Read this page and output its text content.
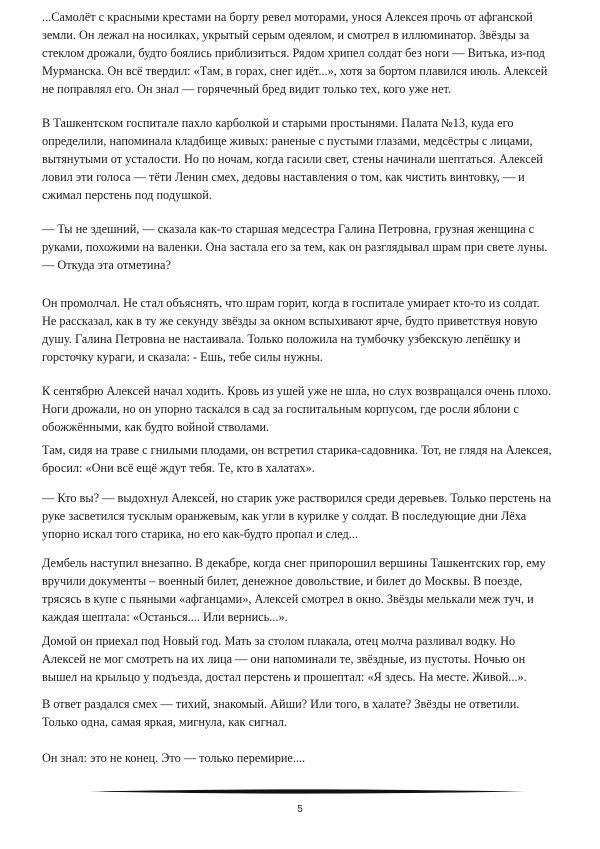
...Самолёт с красными крестами на борту ревел моторами, унося Алексея прочь от афганской
земли. Он лежал на носилках, укрытый серым одеялом, и смотрел в иллюминатор. Звёзды за
стеклом дрожали, будто боялись приблизиться. Рядом хрипел солдат без ноги — Витька, из-под
Мурманска. Он всё твердил: «Там, в горах, снег идёт...», хотя за бортом плавился июль. Алексей
не поправлял его. Он знал — горячечный бред видит только тех, кого уже нет.

В Ташкентском госпитале пахло карболкой и старыми простынями. Палата №13, куда его
определили, напоминала кладбище живых: раненые с пустыми глазами, медсёстры с лицами,
вытянутыми от усталости. Но по ночам, когда гасили свет, стены начинали шептаться. Алексей
ловил эти голоса — тёти Ленин смех, дедовы наставления о том, как чистить винтовку, — и
сжимал перстень под подушкой.

— Ты не здешний, — сказала как-то старшая медсестра Галина Петровна, грузная женщина с
руками, похожими на валенки. Она застала его за тем, как он разглядывал шрам при свете луны.
— Откуда эта отметина?

Он промолчал. Не стал объяснять, что шрам горит, когда в госпитале умирает кто-то из солдат.
Не рассказал, как в ту же секунду звёзды за окном вспыхивают ярче, будто приветствуя новую
душу. Галина Петровна не настаивала. Только положила на тумбочку узбекскую лепёшку и
горсточку кураги, и сказала: - Ешь, тебе силы нужны.

К сентябрю Алексей начал ходить. Кровь из ушей уже не шла, но слух возвращался очень плохо.
Ноги дрожали, но он упорно таскался в сад за госпитальным корпусом, где росли яблони с
обожжёнными, как будто войной стволами.

Там, сидя на траве с гнилыми плодами, он встретил старика-садовника. Тот, не глядя на Алексея,
бросил: «Они всё ещё ждут тебя. Те, кто в халатах».

— Кто вы? — выдохнул Алексей, но старик уже растворился среди деревьев. Только перстень на
руке засветился тусклым оранжевым, как угли в курилке у солдат. В последующие дни Лёха
упорно искал того старика, но его как-будто пропал и след...

Дембель наступил внезапно. В декабре, когда снег припорошил вершины Ташкентских гор, ему
вручили документы – военный билет, денежное довольствие, и билет до Москвы. В поезде,
трясясь в купе с пьяными «афганцами», Алексей смотрел в окно. Звёзды мелькали меж туч, и
каждая шептала: «Останься.... Или вернись...».

Домой он приехал под Новый год. Мать за столом плакала, отец молча разливал водку. Но
Алексей не мог смотреть на их лица — они напоминали те, звёздные, из пустоты. Ночью он
вышел на крыльцо у подъезда, достал перстень и прошептал: «Я здесь. На месте. Живой...».

В ответ раздался смех — тихий, знакомый. Айши? Или того, в халате? Звёзды не ответили.
Только одна, самая яркая, мигнула, как сигнал.

Он знал: это не конец. Это — только перемирие....

5
